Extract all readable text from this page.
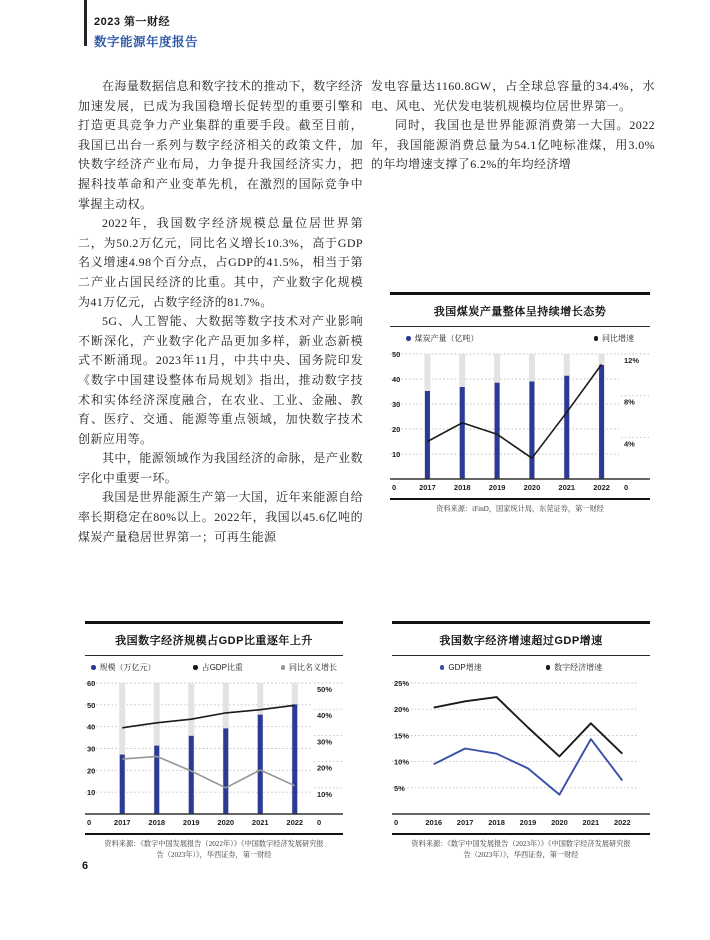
2023 第一财经
数字能源年度报告

在海量数据信息和数字技术的推动下，数字经济加速发展，已成为我国稳增长促转型的重要引擎和打造更具竞争力产业集群的重要手段。截至目前，我国已出台一系列与数字经济相关的政策文件，加快数字经济产业布局，力争提升我国经济实力，把握科技革命和产业变革先机，在激烈的国际竞争中掌握主动权。

2022年，我国数字经济规模总量位居世界第二，为50.2万亿元，同比名义增长10.3%，高于GDP名义增速4.98个百分点，占GDP的41.5%，相当于第二产业占国民经济的比重。其中，产业数字化规模为41万亿元，占数字经济的81.7%。

5G、人工智能、大数据等数字技术对产业影响不断深化，产业数字化产品更加多样，新业态新模式不断涌现。2023年11月，中共中央、国务院印发《数字中国建设整体布局规划》指出，推动数字技术和实体经济深度融合，在农业、工业、金融、教育、医疗、交通、能源等重点领域，加快数字技术创新应用等。

其中，能源领域作为我国经济的命脉，是产业数字化中重要一环。

我国是世界能源生产第一大国，近年来能源自给率长期稳定在80%以上。2022年，我国以45.6亿吨的煤炭产量稳居世界第一；可再生能源

发电容量达1160.8GW，占全球总容量的34.4%，水电、风电、光伏发电装机规模均位居世界第一。

同时，我国也是世界能源消费第一大国。2022年，我国能源消费总量为54.1亿吨标准煤，用3.0%的年均增速支撑了6.2%的年均经济增

我国煤炭产量整体呈持续增长态势
煤炭产量（亿吨）	同比增速
10
20
30
40
50
4%
8%
12%
2017 2018 2019 2020 2021 2022
0	0
资料来源：iFinD，国家统计局，东莞证券，第一财经
我国数字经济规模占GDP比重逐年上升
规模（万亿元）	占GDP比重	同比名义增长
10
20
30
40
50
60
10%
20%
30%
40%
50%
2017 2018 2019 2020 2021 2022
0	0
资料来源：《数字中国发展报告（2022年）》《中国数字经济发展研究报告（2023年）》，华西证券，第一财经
我国数字经济增速超过GDP增速
GDP增速	数字经济增速
5%
10%
15%
20%
25%
2016 2017 2018 2019 2020 2021 2022
0
资料来源：《数字中国发展报告（2023年）》《中国数字经济发展研究报告（2023年）》，华西证券，第一财经
6
